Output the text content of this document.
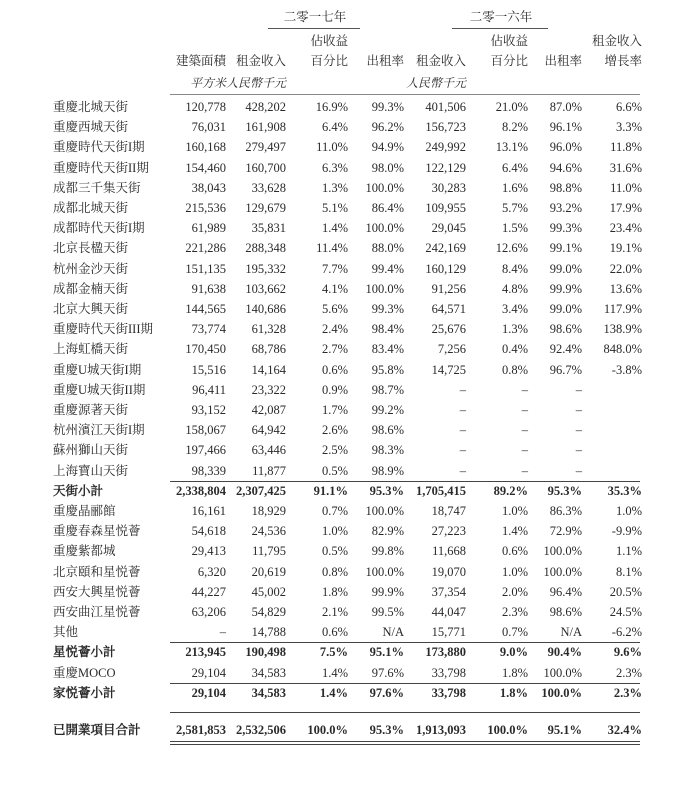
二零一七年	二零一六年
佔收益	佔收益	租金收入
建築面積 租金收入	百分比	出租率 租金收入	百分比	出租率	增長率
平方米 人民幣千元	人民幣千元
重慶北城天街	120,778 428,202 16.9% 99.3% 401,506 21.0% 87.0%	6.6%
重慶西城天街	76,031 161,908	6.4% 96.2% 156,723	8.2% 96.1%	3.3%
重慶時代天街I期	160,168 279,497 11.0% 94.9% 249,992 13.1% 96.0% 11.8%
重慶時代天街II期	154,460 160,700	6.3% 98.0% 122,129	6.4% 94.6% 31.6%
成都三千集天街	38,043 33,628	1.3% 100.0% 30,283	1.6% 98.8% 11.0%
成都北城天街	215,536 129,679	5.1% 86.4% 109,955	5.7% 93.2% 17.9%
成都時代天街I期	61,989 35,831	1.4% 100.0% 29,045	1.5% 99.3% 23.4%
北京長楹天街	221,286 288,348 11.4% 88.0% 242,169 12.6% 99.1% 19.1%
杭州金沙天街	151,135 195,332	7.7% 99.4% 160,129	8.4% 99.0% 22.0%
成都金楠天街	91,638 103,662	4.1% 100.0% 91,256	4.8% 99.9% 13.6%
北京大興天街	144,565 140,686	5.6% 99.3% 64,571	3.4% 99.0% 117.9%
重慶時代天街III期	73,774 61,328	2.4% 98.4% 25,676	1.3% 98.6% 138.9%
上海虹橋天街	170,450 68,786	2.7% 83.4%	7,256	0.4% 92.4% 848.0%
重慶U城天街I期	15,516 14,164	0.6% 95.8% 14,725	0.8% 96.7% -3.8%
重慶U城天街II期	96,411 23,322	0.9% 98.7%	–	–	–
重慶源著天街	93,152 42,087	1.7% 99.2%	–	–	–
杭州濱江天街I期	158,067 64,942	2.6% 98.6%	–	–	–
蘇州獅山天街	197,466 63,446	2.5% 98.3%	–	–	–
上海寶山天街	98,339 11,877	0.5% 98.9%	–	–	–
天街小計	2,338,804 2,307,425 91.1% 95.3% 1,705,415 89.2% 95.3% 35.3%
重慶晶郦館	16,161 18,929	0.7% 100.0% 18,747	1.0% 86.3%	1.0%
重慶春森星悦薈	54,618 24,536	1.0% 82.9% 27,223	1.4% 72.9% -9.9%
重慶紫都城	29,413 11,795	0.5% 99.8% 11,668	0.6% 100.0%	1.1%
北京頤和星悦薈	6,320 20,619	0.8% 100.0% 19,070	1.0% 100.0%	8.1%
西安大興星悦薈	44,227 45,002	1.8% 99.9% 37,354	2.0% 96.4% 20.5%
西安曲江星悦薈	63,206 54,829	2.1% 99.5% 44,047	2.3% 98.6% 24.5%
其他	– 14,788	0.6%	N/A 15,771	0.7%	N/A -6.2%
星悦薈小計	213,945 190,498	7.5% 95.1% 173,880	9.0% 90.4%	9.6%
重慶MOCO	29,104 34,583	1.4% 97.6% 33,798	1.8% 100.0%	2.3%
家悦薈小計	29,104 34,583	1.4% 97.6% 33,798	1.8% 100.0%	2.3%
已開業項目合計	2,581,853 2,532,506 100.0% 95.3% 1,913,093 100.0% 95.1% 32.4%
